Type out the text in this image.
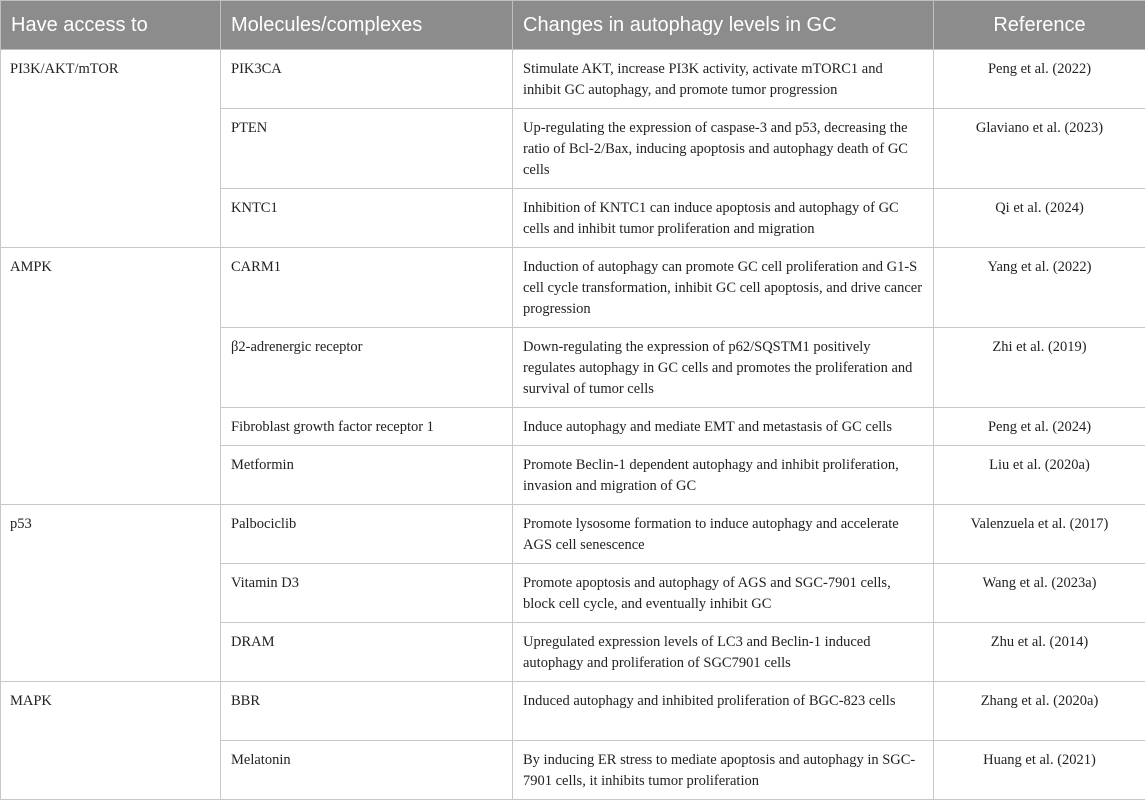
Have access to	Molecules/complexes	Changes in autophagy levels in GC	Reference
PI3K/AKT/mTOR	PIK3CA	Stimulate AKT, increase PI3K activity, activate mTORC1 and inhibit GC autophagy, and promote tumor progression	Peng et al. (2022)
	PTEN	Up-regulating the expression of caspase-3 and p53, decreasing the ratio of Bcl-2/Bax, inducing apoptosis and autophagy death of GC cells	Glaviano et al. (2023)
	KNTC1	Inhibition of KNTC1 can induce apoptosis and autophagy of GC cells and inhibit tumor proliferation and migration	Qi et al. (2024)
AMPK	CARM1	Induction of autophagy can promote GC cell proliferation and G1-S cell cycle transformation, inhibit GC cell apoptosis, and drive cancer progression	Yang et al. (2022)
	β2-adrenergic receptor	Down-regulating the expression of p62/SQSTM1 positively regulates autophagy in GC cells and promotes the proliferation and survival of tumor cells	Zhi et al. (2019)
	Fibroblast growth factor receptor 1	Induce autophagy and mediate EMT and metastasis of GC cells	Peng et al. (2024)
	Metformin	Promote Beclin-1 dependent autophagy and inhibit proliferation, invasion and migration of GC	Liu et al. (2020a)
p53	Palbociclib	Promote lysosome formation to induce autophagy and accelerate AGS cell senescence	Valenzuela et al. (2017)
	Vitamin D3	Promote apoptosis and autophagy of AGS and SGC-7901 cells, block cell cycle, and eventually inhibit GC	Wang et al. (2023a)
	DRAM	Upregulated expression levels of LC3 and Beclin-1 induced autophagy and proliferation of SGC7901 cells	Zhu et al. (2014)
MAPK	BBR	Induced autophagy and inhibited proliferation of BGC-823 cells	Zhang et al. (2020a)
	Melatonin	By inducing ER stress to mediate apoptosis and autophagy in SGC-7901 cells, it inhibits tumor proliferation	Huang et al. (2021)
